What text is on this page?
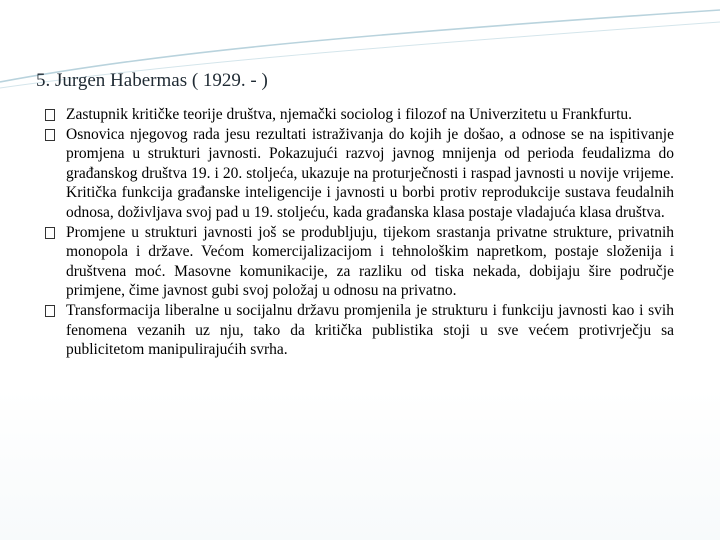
5. Jurgen Habermas ( 1929. - )
Zastupnik kritičke teorije društva, njemački sociolog i filozof na Univerzitetu u Frankfurtu.
Osnovica njegovog rada jesu rezultati istraživanja do kojih je došao, a odnose se na ispitivanje promjena u strukturi javnosti. Pokazujući razvoj javnog mnijenja od perioda feudalizma do građanskog društva 19. i 20. stoljeća, ukazuje na proturječnosti i raspad javnosti u novije vrijeme. Kritička funkcija građanske inteligencije i javnosti u borbi protiv reprodukcije sustava feudalnih odnosa, doživljava svoj pad u 19. stoljeću, kada građanska klasa postaje vladajuća klasa društva.
Promjene u strukturi javnosti još se produbljuju, tijekom srastanja privatne strukture, privatnih monopola i države. Većom komercijalizacijom i tehnološkim napretkom, postaje složenija i društvena moć. Masovne komunikacije, za razliku od tiska nekada, dobijaju šire područje primjene, čime javnost gubi svoj položaj u odnosu na privatno.
Transformacija liberalne u socijalnu državu promjenila je strukturu i funkciju javnosti kao i svih fenomena vezanih uz nju, tako da kritička publistika stoji u sve većem protivrječju sa publicitetom manipulirajućih svrha.
